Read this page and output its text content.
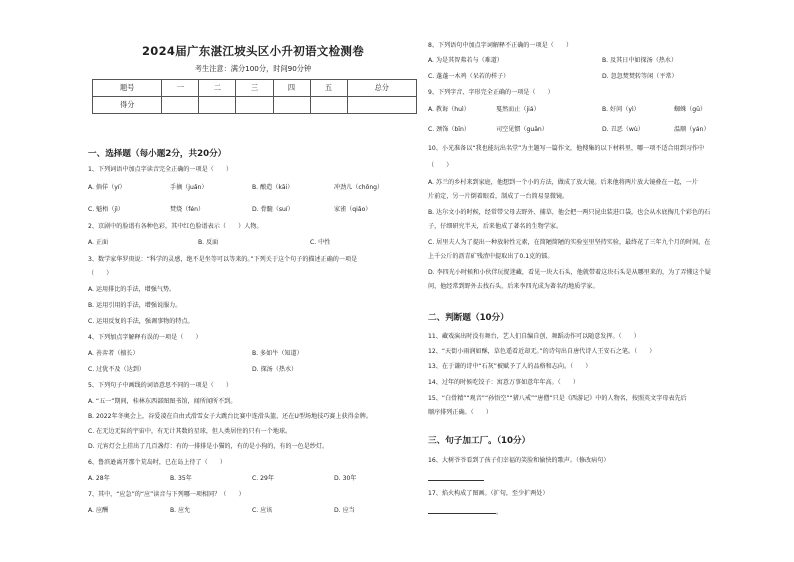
2024届广东湛江坡头区小升初语文检测卷
考生注意：满分100分，时间90分钟
题号	一	二	三	四	五	总分
得分						
一、选择题（每小题2分，共20分）
1、下列词语中加点字读音完全正确的一项是（　　）
A. 倘佯（yí）	手摘（juǎn）	B. 酿造（kāi）	冲劲儿（chōng）
C. 魁梧（jì）	焚烧（fén）	D. 骨髓（suí）	家雀（qiǎo）
2、京剧中的脸谱有各种色彩，其中红色脸谱表示（　　）人物。
A. 正面	B. 反面	C. 中性
3、数学家华罗庚说：“科学的灵感，绝不是坐等可以等来的。”下列关于这个句子的描述正确的一项是
（　　）
A. 运用排比的手法，增强气势。
B. 运用引用的手法，增强说服力。
C. 运用反复的手法，强调事物的特点。
4、下列加点字解释有误的一项是（　　）
A. 善弈者（擅长）	B. 多如牛（知道）
C. 过犹不及（达到）	D. 探汤（热水）
5、下列句子中画线的词语意思不同的一项是（　　）
A. “五一”期间，桂林东西部图图书馆，闻所闻所不到。
B. 2022年冬奥会上，谷爱凌在自由式滑雪女子大跳台比赛中连滑头篮，还在U型场地技巧赛上获得金牌。
C. 在无边无际的宇宙中，有无计其数的星球，但人类居住的只有一个地球。
D. 元宵灯会上挂出了几百盏灯：有的一排排是小猫的，有的是小狗的，有的一色是纱灯。
6、鲁滨逊离开那个荒岛时，已在岛上待了（　　）
A. 28年	B. 35年	C. 29年	D. 30年
7、其中，“应急”的“应”读音与下列哪一项相同？（　　）
A. 应酬	B. 应允	C. 应该	D. 应当
8、下列语句中加点字词解释不正确的一项是（　　）
A. 为是其智弗若与（难道）	B. 及其日中如探汤（热水）
C. 蓬蓬一木鸡（呆若的样子）	D. 忽忽焚焚转等闲（平常）
9、下列字音、字形完全正确的一项是（　　）
A. 教诲（huì）	戛然而止（jiá）	B. 好问（yì）	蜘蛛（gū）
C. 颈饰（bīn）	司空见惯（guān）	D. 丑恶（wù）	温顺（yán）
10、小光准备以“我也能玩出名堂”为主题写一篇作文，他搜集的以下材料里，哪一项不适合用到习作中
（　　）
A. 苏兰的乡村来到家庭，他想到一个小的方法，做成了放大镜。后来他将两片放大镜叠在一起，一片
片前定，另一片倒着眼看，制成了一台简易显微镜。
B. 达尔文小的时候，经常带父母去野外、捕草，他会把一两只昆虫装进口袋，也会从水底掏几个彩色的石
子，仔细研究半天，后来他成了著名的生物学家。
C. 居里夫人为了提出一种放射性元素，在简陋简陋的实验室里坚持实验，最终花了三年九个月的时间，在
上千公斤的沥青矿残渣中提取出了0.1克的镭。
D. 李四光小时候和小伙伴玩捉迷藏，看见一块大石头，他就带着这块石头是从哪里来的，为了弄懂这个疑
问，他经常到野外去找石头，后来李四光成为著名的地质学家。
二、判断题（10分）
11、藏戏演出时没有舞台，艺人们自编自创、舞蹈动作可以随意发挥。（　　）
12、“天街小雨润如酥，草色遥看近却无。”的诗句出自唐代诗人王安石之笔。（　　）
13、在于谦的诗中“石灰”被赋予了人的品格和志向。（　　）
14、过年的时候吃饺子：寓意万事如意年年高。（　　）
15、“白骨精”“观音”“孙悟空”“猪八戒”“唐僧”只是《西游记》中的人物名，按照英文字母表先后
顺序排列正确。（　　）
三、句子加工厂。（10分）
16、大树爷爷看到了孩子们幸福的笑脸和愉快的歌声。（修改病句）
17、焰火构成了图画。（扩句，至少扩两处）
。
